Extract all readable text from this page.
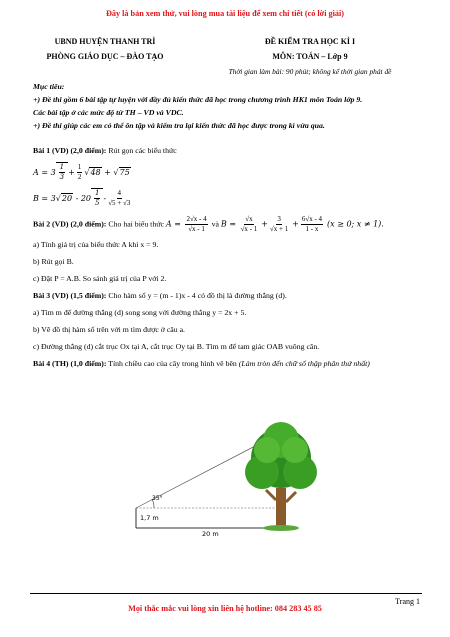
Đây là bản xem thử, vui lòng mua tài liệu để xem chi tiết (có lời giải)
UBND HUYỆN THANH TRÌ
PHÒNG GIÁO DỤC – ĐÀO TẠO
ĐỀ KIỂM TRA HỌC KÌ I
MÔN: TOÁN – Lớp 9
Thời gian làm bài: 90 phút; không kể thời gian phát đề
Mục tiêu:
+) Đề thi gồm 6 bài tập tự luyện với đầy đủ kiến thức đã học trong chương trình HK1 môn Toán lớp 9.
Các bài tập ở các mức độ từ TH – VD và VDC.
+) Đề thi giúp các em có thể ôn tập và kiểm tra lại kiến thức đã học được trong kì vừa qua.
Bài 1 (VD) (2,0 điểm): Rút gọn các biểu thức
$A = 3 \frac{1}{3} + \frac{1}{2} √48 + √75$
$B = 3√20 - 20 \frac{1}{5} - \frac{4}{√5 + √3}$
Bài 2 (VD) (2,0 điểm): Cho hai biểu thức $A = \frac{2√x - 4}{√x - 1}$ và $B = \frac{√x}{√x - 1} + \frac{3}{√x + 1} + \frac{6√x - 4}{1 - x} (x \ge 0$; x ≠ 1).
a) Tính giá trị của biểu thức A khi x = 9.
b) Rút gọi B.
c) Đặt P = A.B. So sánh giá trị của P với 2.
Bài 3 (VD) (1,5 điểm): Cho hàm số y = (m - 1)x - 4 có đồ thị là đường thẳng (d).
a) Tìm m để đường thẳng (d) song song với đường thẳng y = 2x + 5.
b) Vẽ đồ thị hàm số trên với m tìm được ở câu a.
c) Đường thẳng (d) cắt trục Ox tại A, cắt trục Oy tại B. Tìm m để tam giác OAB vuông cân.
Bài 4 (TH) (1,0 điểm): Tính chiều cao của cây trong hình vẽ bên (Làm tròn đến chữ số thập phân thứ nhất)
35°
1,7 m
20 m
Trang 1
Mọi thắc mắc vui lòng xin liên hệ hotline: 084 283 45 85
